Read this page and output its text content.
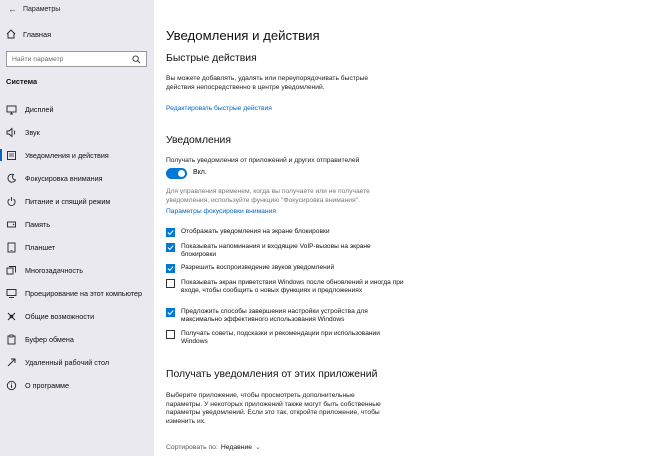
← Параметры
Главная
Найти параметр
Система
Дисплей
Звук
Уведомления и действия
Фокусировка внимания
Питание и спящий режим
Память
Планшет
Многозадачность
Проецирование на этот компьютер
Общие возможности
Буфер обмена
Удаленный рабочий стол
О программе
Уведомления и действия
Быстрые действия
Вы можете добавлять, удалять или переупорядочивать быстрые действия непосредственно в центре уведомлений.
Редактировать быстрые действия
Уведомления
Получать уведомления от приложений и других отправителей
Вкл.
Для управления временем, когда вы получаете или не получаете уведомления, используйте функцию "Фокусировка внимания".
Параметры фокусировки внимания
Отображать уведомления на экране блокировки
Показывать напоминания и входящие VoIP-вызовы на экране блокировки
Разрешить воспроизведение звуков уведомлений
Показывать экран приветствия Windows после обновлений и иногда при входе, чтобы сообщить о новых функциях и предложениях
Предложить способы завершения настройки устройства для максимально эффективного использования Windows
Получать советы, подсказки и рекомендации при использовании Windows
Получать уведомления от этих приложений
Выберите приложение, чтобы просмотреть дополнительные параметры. У некоторых приложений также могут быть собственные параметры уведомлений. Если это так, откройте приложение, чтобы изменить их.
Сортировать по: Недавние ⌄
